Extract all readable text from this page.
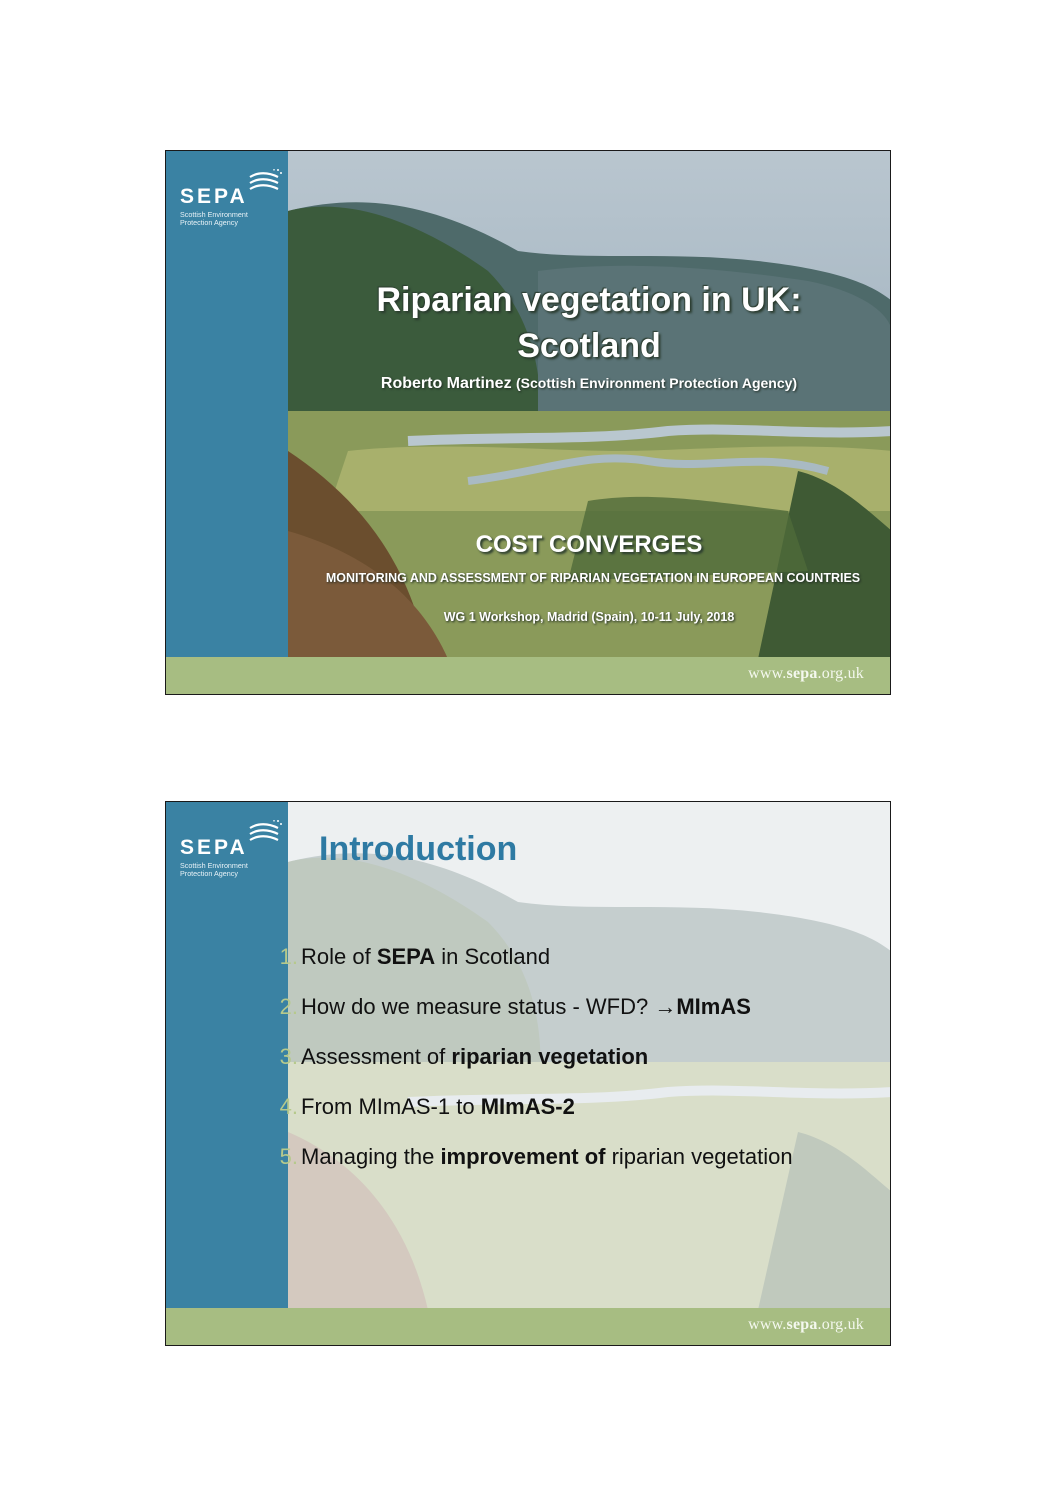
SEPA
Scottish Environment Protection Agency
Riparian vegetation in UK:
Scotland
Roberto Martinez (Scottish Environment Protection Agency)
COST CONVERGES
MONITORING AND ASSESSMENT OF RIPARIAN VEGETATION IN EUROPEAN COUNTRIES
WG 1 Workshop, Madrid (Spain), 10-11 July, 2018
www.sepa.org.uk
SEPA
Scottish Environment Protection Agency
Introduction
1. Role of SEPA in Scotland
2. How do we measure status - WFD? →MImAS
3. Assessment of riparian vegetation
4. From MImAS-1 to MImAS-2
5. Managing the improvement of riparian vegetation
www.sepa.org.uk
